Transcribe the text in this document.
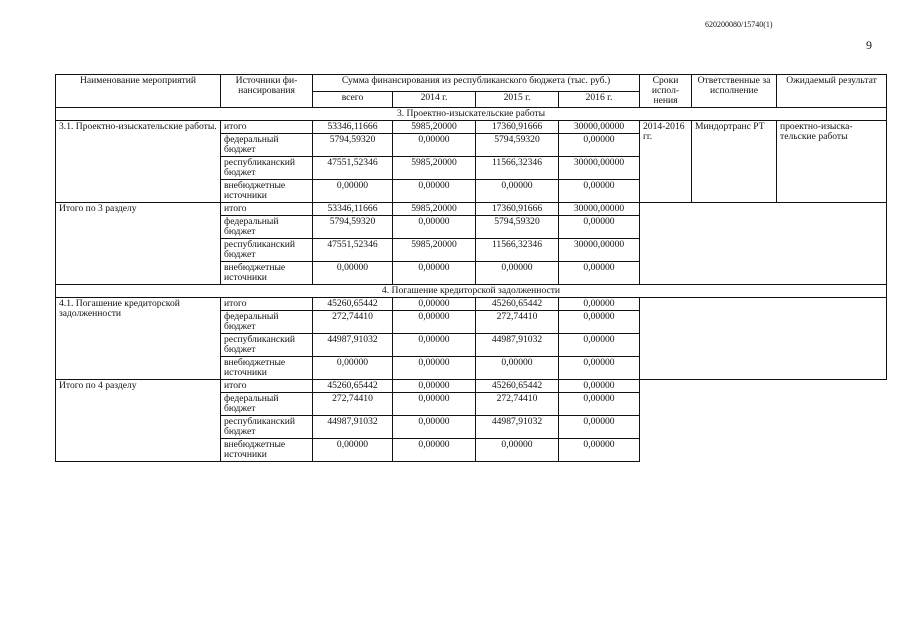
620200080/15740(1)
9
Наименование мероприятий	Источники фи-нансирования	Сумма финансирования из республиканского бюджета (тыс. руб.)				Сроки испол-нения	Ответственные за исполнение	Ожидаемый результат
		всего	2014 г.	2015 г.	2016 г.			
3. Проектно-изыскательские работы								
3.1. Проектно-изыскательские работы.	итого	53346,11666	5985,20000	17360,91666	30000,00000	2014-2016 гг.	Миндортранс РТ	проектно-изыска-тельские работы
	федеральный бюджет	5794,59320	0,00000	5794,59320	0,00000			
	республиканский бюджет	47551,52346	5985,20000	11566,32346	30000,00000			
	внебюджетные источники	0,00000	0,00000	0,00000	0,00000			
Итого по 3 разделу	итого	53346,11666	5985,20000	17360,91666	30000,00000			
	федеральный бюджет	5794,59320	0,00000	5794,59320	0,00000			
	республиканский бюджет	47551,52346	5985,20000	11566,32346	30000,00000			
	внебюджетные источники	0,00000	0,00000	0,00000	0,00000			
4. Погашение кредиторской задолженности								
4.1. Погашение кредиторской задолженности	итого	45260,65442	0,00000	45260,65442	0,00000			
	федеральный бюджет	272,74410	0,00000	272,74410	0,00000			
	республиканский бюджет	44987,91032	0,00000	44987,91032	0,00000			
	внебюджетные источники	0,00000	0,00000	0,00000	0,00000			
Итого по 4 разделу	итого	45260,65442	0,00000	45260,65442	0,00000			
	федеральный бюджет	272,74410	0,00000	272,74410	0,00000			
	республиканский бюджет	44987,91032	0,00000	44987,91032	0,00000			
	внебюджетные источники	0,00000	0,00000	0,00000	0,00000			
